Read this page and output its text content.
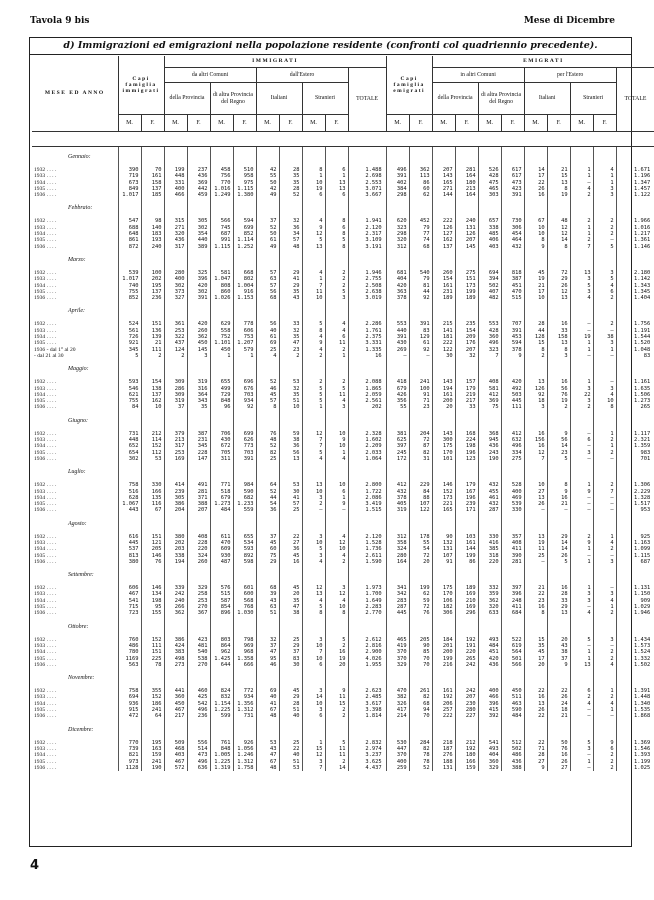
Tavola 9 bis	Mese di Dicembre
d) Immigrazioni ed emigrazioni nella popolazione residente (confronti col quadriennio precedente).
MESE ED ANNO	Capi famiglia immigrati		IMMIGRATI									Capi famiglia emigrati		EMIGRATI								
			da altri Comuni				dall'Estero				TOTALE			in altri Comuni				per l'Estero				TOTALE
			della Provincia		di altra Provincia del Regno		Italiani		Stranieri					della Provincia		di altra Provincia del Regno		Italiani		Stranieri		
	M.	F.	M.	F.	M.	F.	M.	F.	M.	F.		M.	F.	M.	F.	M.	F.	M.	F.	M.	F.	

Gennaio:																						
1932 . . . .	390	70	199	237	458	510	42	28	8	6	1.488	496	362	207	281	526	617	14	21	1	4	1.671
1933 . . . .	719	161	448	436	756	958	55	35	1	1	2.698	391	113	143	164	428	617	17	15	1	1	1.196
1934 . . . .	673	158	331	369	770	975	50	35	10	13	2.553	402	86	165	180	475	473	22	13	—	1	1.347
1935 . . . .	849	137	400	442	1.016	1.115	42	28	19	13	3.071	384	60	271	213	465	423	26	8	4	3	1.457
1936 . . . .	1.017	185	466	459	1.249	1.380	49	52	6	6	3.667	298	62	144	164	303	391	16	19	2	3	1.122
Febbraio:																						
1932 . . . .	547	98	315	305	566	594	37	32	4	8	1.941	620	452	222	240	657	730	67	48	2	2	1.966
1933 . . . .	688	140	271	302	745	699	52	36	9	6	2.120	323	79	126	131	338	306	10	12	1	2	1.016
1934 . . . .	648	183	320	354	687	852	50	34	12	8	2.317	298	77	127	126	485	454	10	12	1	2	1.217
1935 . . . .	861	193	436	440	991	1.114	61	57	5	5	3.109	320	74	162	207	406	464	8	14	2	—	1.361
1936 . . . .	872	240	317	389	1.115	1.252	49	48	13	8	3.191	312	68	137	145	403	432	9	8	7	5	1.146
Marzo:																						
1932 . . . .	539	100	280	325	581	668	57	29	4	2	1.946	681	540	260	275	694	818	45	72	13	3	2.180
1933 . . . .	1.017	202	400	396	1.047	802	63	41	1	2	2.755	404	79	154	151	394	387	19	29	3	5	1.142
1934 . . . .	740	195	302	420	808	1.004	57	29	7	2	2.508	420	81	161	173	502	451	21	26	5	4	1.343
1935 . . . .	755	137	373	302	860	916	56	35	11	5	2.638	363	44	231	199	407	470	17	12	3	6	1.345
1936 . . . .	852	236	327	391	1.026	1.153	68	43	10	3	3.019	378	92	189	189	482	515	10	13	4	2	1.404
Aprile:																						
1932 . . . .	524	151	361	420	629	778	56	33	5	4	2.286	553	391	215	235	553	707	28	16	—	2	1.756
1933 . . . .	561	136	253	260	558	606	40	32	8	4	1.761	440	83	141	154	428	391	44	33	—	—	1.191
1934 . . . .	726	139	322	362	752	753	61	35	4	6	2.375	391	129	181	209	360	453	128	158	19	38	1.544
1935 . . . .	921	21	437	450	1.101	1.207	69	47	9	11	3.331	430	61	222	176	496	594	15	13	1	3	1.520
1936 - dal 1° al 20	345	111	124	145	450	579	25	23	4	2	1.335	269	92	122	207	323	378	8	8	1	1	1.048
- dal 21 al 30	5	2	2	3	1	1	4	2	2	1	16	—	—	30	32	7	9	2	3	—	—	83
Maggio:																						
1932 . . . .	593	154	309	319	655	696	52	53	2	2	2.088	418	241	143	157	408	420	13	16	1	—	1.161
1933 . . . .	546	138	286	316	499	676	46	32	5	5	1.865	679	100	194	179	581	492	126	56	3	3	1.635
1934 . . . .	621	137	309	364	729	703	45	35	5	11	2.059	426	91	161	219	412	503	92	76	22	4	1.506
1935 . . . .	755	162	319	343	848	934	57	51	5	4	2.561	356	71	200	217	369	445	18	19	3	10	1.273
1936 . . . .	84	10	37	35	96	92	8	10	1	3	202	55	23	20	33	75	111	3	2	2	8	265
Giugno:																						
1932 . . . .	731	212	379	387	706	699	76	59	12	10	2.328	381	204	143	168	368	412	16	9	—	1	1.117
1933 . . . .	448	114	213	231	430	626	48	38	7	9	1.602	625	72	300	224	945	632	156	56	6	2	2.321
1934 . . . .	652	152	317	345	672	773	52	36	7	10	2.209	397	87	175	198	436	496	16	14	—	1	1.359
1935 . . . .	654	112	253	228	705	703	82	56	5	1	2.033	245	82	170	196	243	334	12	23	3	2	983
1936 . . . .	302	53	169	147	311	391	25	13	4	4	1.064	172	31	101	123	190	275	7	5	—	—	701
Luglio:																						
1932 . . . .	758	330	414	491	771	984	64	53	13	10	2.800	412	229	146	179	432	528	10	8	1	2	1.306
1933 . . . .	516	166	239	281	518	590	52	30	10	6	1.722	432	84	152	167	455	400	27	9	9	7	2.229
1934 . . . .	628	135	305	371	679	682	44	41	3	1	2.086	378	88	173	196	461	469	13	16	—	—	1.328
1935 . . . .	1.067	116	386	388	1.273	1.233	54	57	2	9	3.419	405	107	221	239	432	539	26	21	—	—	1.517
1936 . . . .	443	67	204	207	484	559	36	25	—	—	1.515	319	122	165	171	287	330	—	—	—	—	953
Agosto:																						
1932 . . . .	616	151	380	408	611	655	37	22	3	4	2.120	312	178	90	103	330	357	13	29	2	1	925
1933 . . . .	445	121	202	228	470	534	45	27	10	12	1.528	358	55	132	161	416	408	19	14	9	4	1.163
1934 . . . .	537	205	203	220	609	593	60	36	5	10	1.736	324	54	131	144	385	411	11	14	1	2	1.099
1935 . . . .	813	146	338	324	930	892	75	45	3	4	2.611	280	72	107	199	318	390	25	26	—	—	1.115
1936 . . . .	380	76	194	260	487	598	29	16	4	2	1.590	164	20	91	86	220	281	—	5	1	3	687
Settembre:																						
1932 . . . .	606	146	339	329	576	601	68	45	12	3	1.973	341	199	175	189	332	397	21	16	1	—	1.131
1933 . . . .	467	134	242	258	515	600	39	20	13	12	1.700	342	62	170	169	359	396	22	28	3	3	1.150
1934 . . . .	541	198	240	253	587	568	43	35	4	4	1.649	283	59	106	210	362	248	23	33	3	4	909
1935 . . . .	715	95	266	270	854	768	63	47	5	10	2.283	287	72	182	169	320	411	16	29	—	1	1.029
1936 . . . .	723	155	362	367	896	1.030	51	38	8	8	2.770	445	76	306	296	633	684	8	13	4	2	1.946
Ottobre:																						
1932 . . . .	760	152	386	423	803	798	32	25	3	5	2.612	465	205	184	192	493	522	15	20	5	3	1.434
1933 . . . .	486	111	424	481	864	969	37	29	10	2	2.816	419	90	201	191	484	619	35	43	—	—	1.573
1934 . . . .	780	151	383	540	962	968	47	37	7	16	2.900	370	85	200	220	451	564	45	38	1	2	1.524
1935 . . . .	1169	225	498	538	1.425	1.358	95	83	10	19	4.026	370	70	199	265	420	501	17	37	1	2	1.332
1936 . . . .	563	78	273	270	644	666	46	30	6	20	1.955	329	70	216	242	436	566	20	9	13	4	1.502
Novembre:																						
1932 . . . .	758	355	441	460	824	772	69	45	3	9	2.623	470	261	161	242	400	450	22	22	6	1	1.391
1933 . . . .	694	152	360	425	832	934	40	29	14	11	2.485	382	82	192	207	466	511	16	26	2	2	1.448
1934 . . . .	936	186	450	542	1.154	1.356	41	28	10	15	3.617	326	68	206	230	396	463	13	24	4	4	1.340
1935 . . . .	915	241	467	496	1.225	1.312	67	51	3	2	3.398	417	94	257	280	415	590	26	18	—	1	1.535
1936 . . . .	472	64	217	236	599	731	48	40	6	2	1.814	214	70	222	227	392	484	22	21	—	—	1.868
Dicembre:																						
1932 . . . .	770	195	509	556	761	926	53	25	1	5	2.832	530	284	218	212	541	512	22	50	5	9	1.369
1933 . . . .	739	163	468	514	848	1.056	43	22	15	11	2.974	447	82	187	192	493	502	71	76	3	6	1.546
1934 . . . .	821	159	403	473	1.005	1.246	47	40	12	11	3.237	370	78	276	180	404	486	28	16	—	2	1.393
1935 . . . .	973	241	467	496	1.225	1.312	67	51	3	2	3.625	400	78	188	166	360	436	27	26	1	2	1.199
1936 . . . .	1128	190	572	636	1.319	1.758	48	53	7	14	4.437	259	52	131	159	329	388	9	27	—	2	1.025
4
